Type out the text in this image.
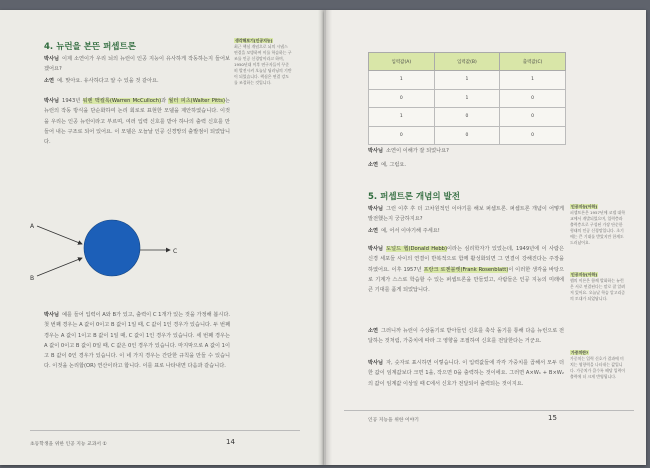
4. 뉴런을 본뜬 퍼셉트론
박사님 이제 소연이가 우리 뇌의 뉴런이 인공 지능이 유사하게 작동하는지 들어보겠어요?
소연 예. 맞아요. 유사하다고 알 수 있을 것 같아요.
박사님 1943년 워렌 맥컬록(Warren McCulloch)과 월터 피츠(Walter Pitts)는 뉴런의 작동 방식을 단순화하여 논리 회로로 표현한 모델을 제안하였습니다. 이것을 우리는 인공 뉴런이라고 부르며, 여러 입력 신호를 받아 하나의 출력 신호를 만들어 내는 구조로 되어 있어요. 이 모델은 오늘날 인공 신경망의 출발점이 되었답니다.
생각해보기[인공지능]
최근 핵심 개념으로 뇌의 시냅스 연결을 모방하여 이를 학습하는 구조를 인공 신경망이라고 하며, 1950년대 이후 연구자들이 꾸준히 발전시켜 오늘날 딥러닝의 기반이 되었습니다. 핵심은 연결 강도를 조절하는 것입니다.
A
B
C
박사님 예를 들어 입력이 A와 B가 있고, 출력이 C 1개가 있는 것을 가정해 봅시다. 첫 번째 경우는 A 값이 0이고 B 값이 1일 때, C 값이 1인 경우가 있습니다. 두 번째 경우는 A 값이 1이고 B 값이 1일 때, C 값이 1인 경우가 있습니다. 세 번째 경우는 A 값이 0이고 B 값이 0일 때, C 값은 0인 경우가 있습니다. 마지막으로 A 값이 1이고 B 값이 0인 경우가 있습니다. 이 네 가지 경우는 간단한 규칙을 만들 수 있습니다. 이것을 논리합(OR) 연산이라고 합니다. 이를 표로 나타내면 다음과 같습니다.
초등학생을 위한 인공 지능 교과서 ①	14
입력값(A)	입력값(B)	출력값(C)
1	1	1
0	1	0
1	0	0
0	0	0
박사님 소연이 이해가 잘 되었나요?
소연 예, 그럼요.
5. 퍼셉트론 개념의 발전
박사님 그런 이후 후 더 고차원적인 이야기를 해보 퍼셉트론. 퍼셉트론 개념이 어떻게 발전했는지 궁금하지요?
소연 예, 어서 이야기해 주세요!
박사님 도널드 헵(Donald Hebb)이라는 심리학자가 있었는데, 1949년에 이 사람은 신경 세포들 사이의 연결이 반복적으로 함께 활성화되면 그 연결이 강해진다는 주장을 하였어요. 이후 1957년 프랑크 로젠블렛(Frank Rosenblatt)이 이러한 생각을 바탕으로 기계가 스스로 학습할 수 있는 퍼셉트론을 만들었고, 사람들은 인공 지능의 미래에 큰 기대를 품게 되었답니다.
소연 그러니까 뉴런이 수상돌기로 받아들인 신호를 축삭 돌기를 통해 다음 뉴런으로 전달하는 것처럼, 가중치에 따라 그 영향을 조절하여 신호를 전달한다는 거군요.
박사님 자, 숫자로 표시하면 이렇습니다. 이 입력값들에 각각 가중치를 곱해서 모두 더한 값이 임계값보다 크면 1을, 작으면 0을 출력하는 것이에요. 그러면 A×W₁ + B×W₂의 값이 임계값 이상일 때 C에서 신호가 전달되어 출력되는 것이지요.
인공지능[아하]
퍼셉트론은 1957년에 코넬 대학교에서 개발되었으며, 입력층과 출력층으로 구성된 가장 단순한 형태의 인공 신경망입니다. 초기에는 큰 기대를 받았지만 한계도 드러났어요.
인공지능[아하]
헵의 이론은 함께 발화하는 뉴런은 서로 연결된다는 말로 잘 알려져 있어요. 오늘날 학습 알고리즘의 토대가 되었답니다.
가중치란?
가중치는 입력 신호가 결과에 미치는 영향력을 나타내는 값입니다. 가중치가 클수록 해당 입력이 출력에 더 크게 반영됩니다.
인공 지능을 위한 이야기	15
